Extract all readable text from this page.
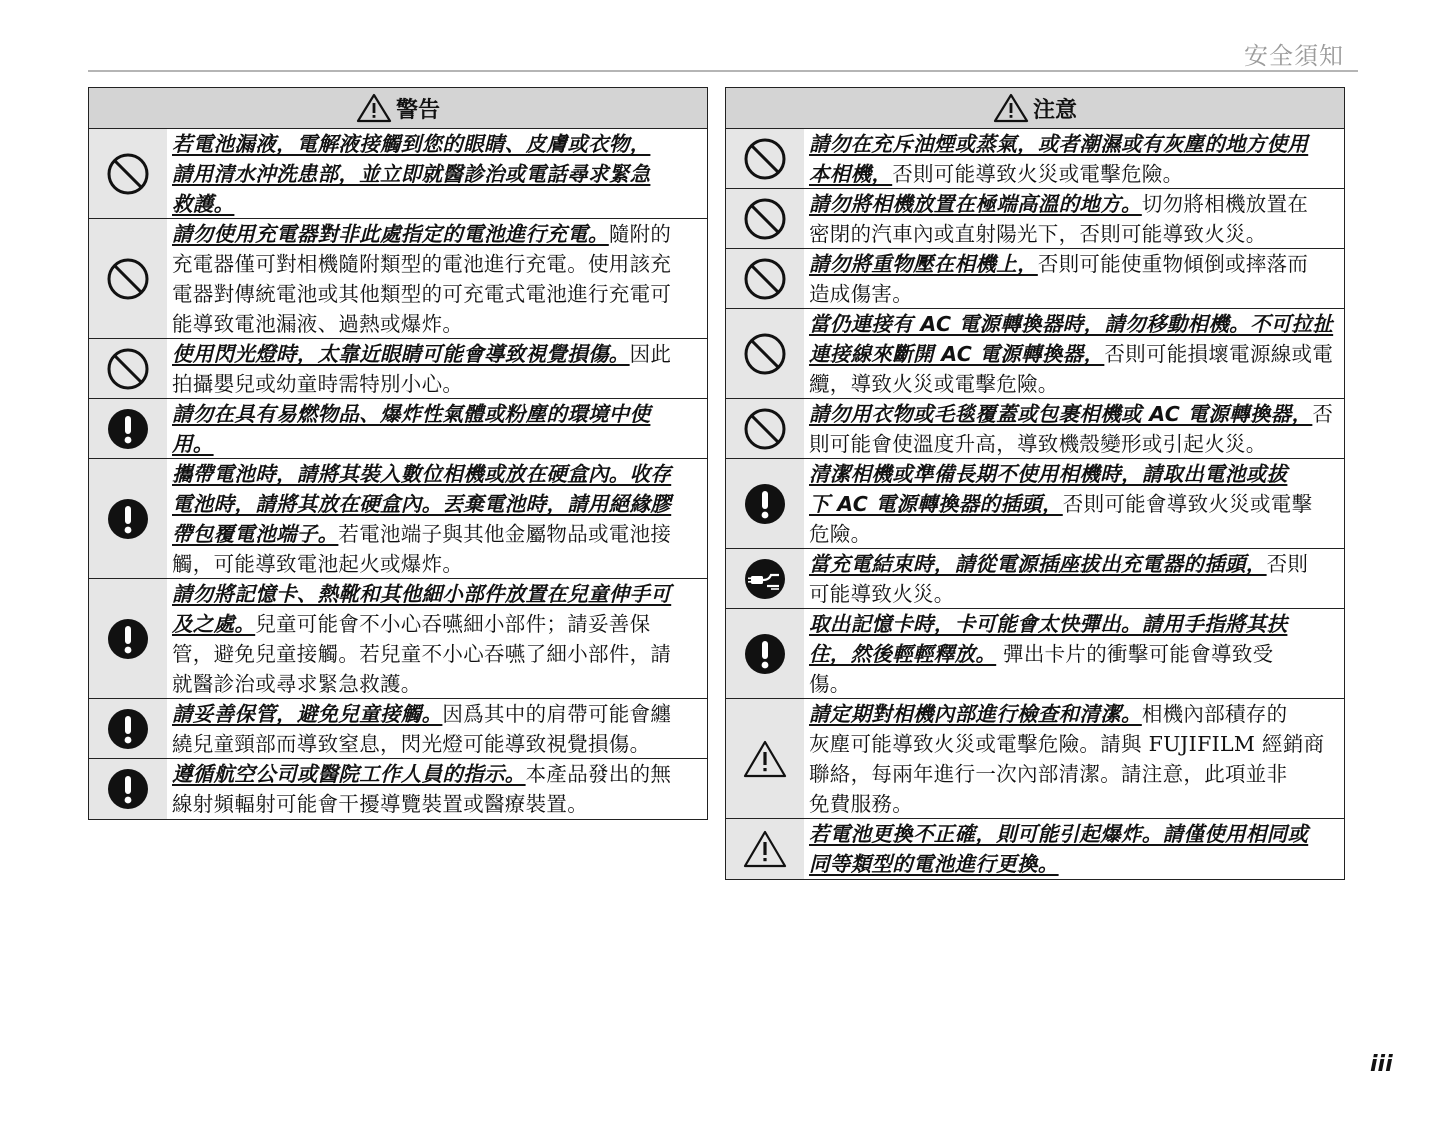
安全須知
警告
若電池漏液，電解液接觸到您的眼睛、皮膚或衣物，
請用清水沖洗患部，並立即就醫診治或電話尋求緊急
救護。
請勿使用充電器對非此處指定的電池進行充電。隨附的
充電器僅可對相機隨附類型的電池進行充電。使用該充
電器對傳統電池或其他類型的可充電式電池進行充電可
能導致電池漏液、過熱或爆炸。
使用閃光燈時，太靠近眼睛可能會導致視覺損傷。因此
拍攝嬰兒或幼童時需特別小心。
請勿在具有易燃物品、爆炸性氣體或粉塵的環境中使
用。
攜帶電池時，請將其裝入數位相機或放在硬盒內。收存
電池時，請將其放在硬盒內。丟棄電池時，請用絕緣膠
帶包覆電池端子。若電池端子與其他金屬物品或電池接
觸，可能導致電池起火或爆炸。
請勿將記憶卡、熱靴和其他細小部件放置在兒童伸手可
及之處。兒童可能會不小心吞嚥細小部件；請妥善保
管，避免兒童接觸。若兒童不小心吞嚥了細小部件，請
就醫診治或尋求緊急救護。
請妥善保管，避免兒童接觸。因爲其中的肩帶可能會纏
繞兒童頸部而導致窒息，閃光燈可能導致視覺損傷。
遵循航空公司或醫院工作人員的指示。本產品發出的無
線射頻輻射可能會干擾導覽裝置或醫療裝置。
注意
請勿在充斥油煙或蒸氣，或者潮濕或有灰塵的地方使用
本相機，否則可能導致火災或電擊危險。
請勿將相機放置在極端高溫的地方。切勿將相機放置在
密閉的汽車內或直射陽光下，否則可能導致火災。
請勿將重物壓在相機上，否則可能使重物傾倒或摔落而
造成傷害。
當仍連接有 AC 電源轉換器時，請勿移動相機。不可拉扯
連接線來斷開 AC 電源轉換器，否則可能損壞電源線或電
纜，導致火災或電擊危險。
請勿用衣物或毛毯覆蓋或包裹相機或 AC 電源轉換器，否
則可能會使溫度升高，導致機殼變形或引起火災。
清潔相機或準備長期不使用相機時，請取出電池或拔
下 AC 電源轉換器的插頭，否則可能會導致火災或電擊
危險。
當充電結束時，請從電源插座拔出充電器的插頭，否則
可能導致火災。
取出記憶卡時，卡可能會太快彈出。請用手指將其扶
住，然後輕輕釋放。 彈出卡片的衝擊可能會導致受
傷。
請定期對相機內部進行檢查和清潔。相機內部積存的
灰塵可能導致火災或電擊危險。請與 FUJIFILM 經銷商
聯絡，每兩年進行一次內部清潔。請注意，此項並非
免費服務。
若電池更換不正確，則可能引起爆炸。請僅使用相同或
同等類型的電池進行更換。
iii
